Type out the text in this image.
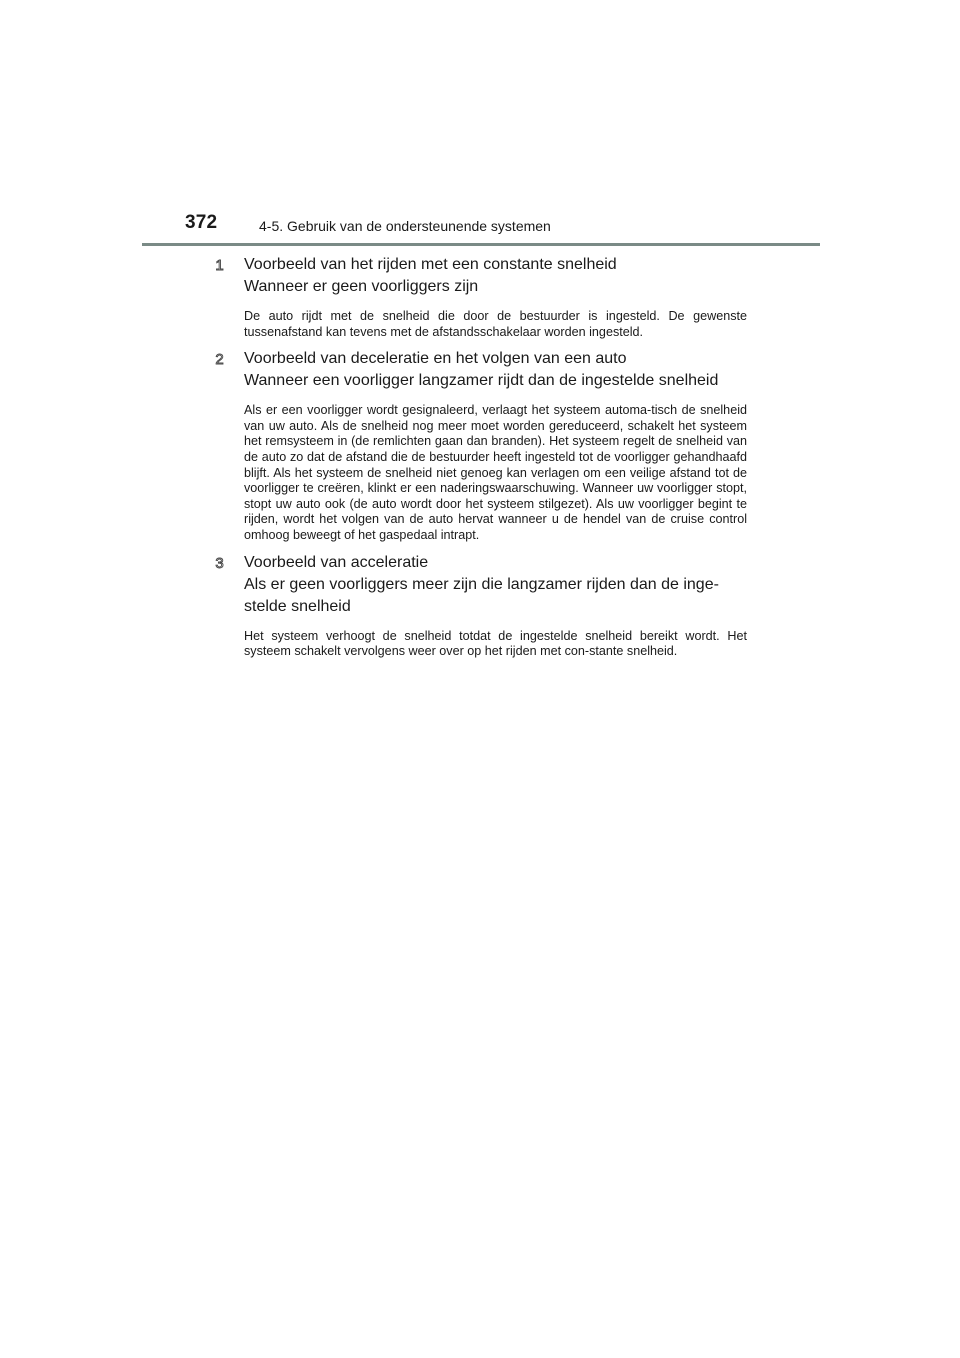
372	4-5. Gebruik van de ondersteunende systemen
1 Voorbeeld van het rijden met een constante snelheid

Wanneer er geen voorliggers zijn

De auto rijdt met de snelheid die door de bestuurder is ingesteld. De gewenste tussenafstand kan tevens met de afstandsschakelaar worden ingesteld.

2 Voorbeeld van deceleratie en het volgen van een auto

Wanneer een voorligger langzamer rijdt dan de ingestelde snelheid

Als er een voorligger wordt gesignaleerd, verlaagt het systeem automa-tisch de snelheid van uw auto. Als de snelheid nog meer moet worden gereduceerd, schakelt het systeem het remsysteem in (de remlichten gaan dan branden). Het systeem regelt de snelheid van de auto zo dat de afstand die de bestuurder heeft ingesteld tot de voorligger gehandhaafd blijft. Als het systeem de snelheid niet genoeg kan verlagen om een veilige afstand tot de voorligger te creëren, klinkt er een naderingswaarschuwing. Wanneer uw voorligger stopt, stopt uw auto ook (de auto wordt door het systeem stilgezet). Als uw voorligger begint te rijden, wordt het volgen van de auto hervat wanneer u de hendel van de cruise control omhoog beweegt of het gaspedaal intrapt.

3 Voorbeeld van acceleratie

Als er geen voorliggers meer zijn die langzamer rijden dan de inge-stelde snelheid

Het systeem verhoogt de snelheid totdat de ingestelde snelheid bereikt wordt. Het systeem schakelt vervolgens weer over op het rijden met con-stante snelheid.
